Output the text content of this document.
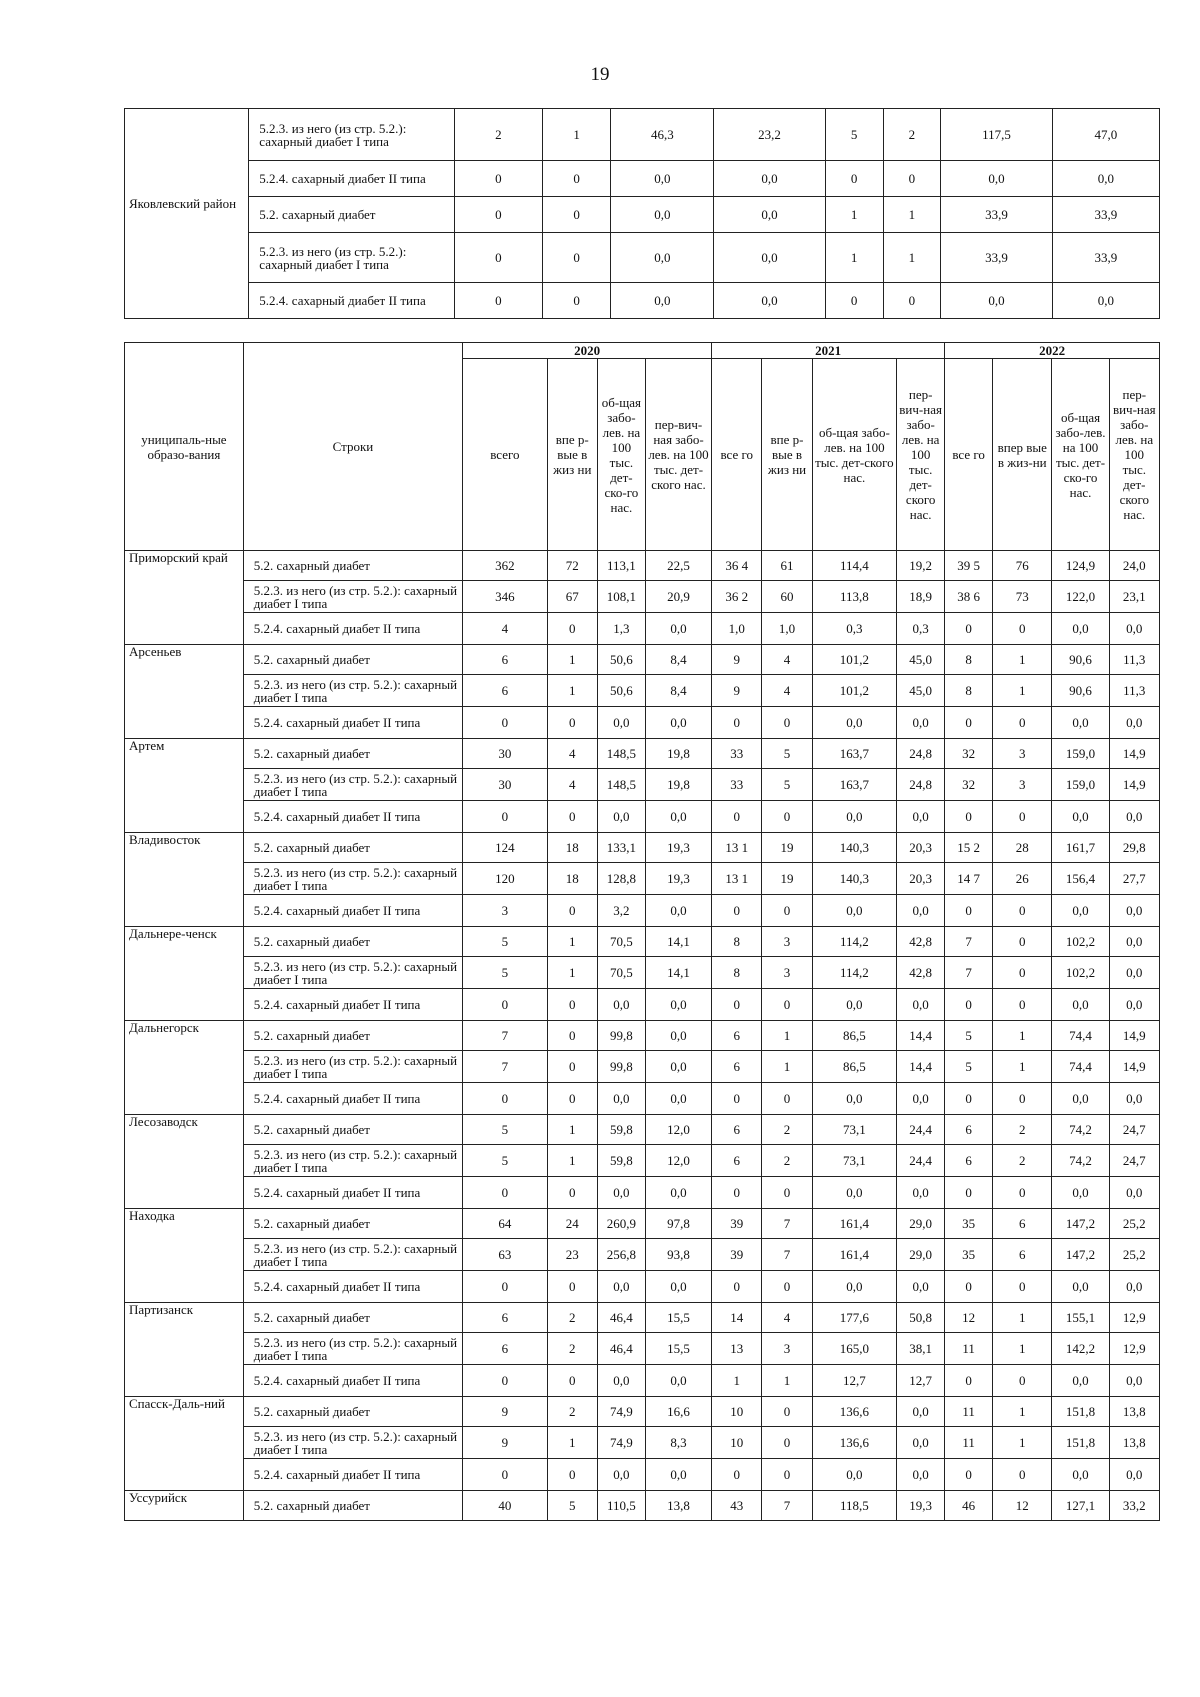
19
	5.2.3. из него (из стр. 5.2.): сахарный диабет I типа	2	1	46,3	23,2	5	2	117,5	47,0
	5.2.4. сахарный диабет II типа	0	0	0,0	0,0	0	0	0,0	0,0
Яковлевский район	5.2. сахарный диабет	0	0	0,0	0,0	1	1	33,9	33,9
	5.2.3. из него (из стр. 5.2.): сахарный диабет I типа	0	0	0,0	0,0	1	1	33,9	33,9
	5.2.4. сахарный диабет II типа	0	0	0,0	0,0	0	0	0,0	0,0
униципаль-ные образо-вания	Строки	2020				2021				2022			
		всего	впе р-вые в жиз ни	об-щая забо-лев. на 100 тыс. дет-ско-го нас.	пер-вич-ная забо-лев. на 100 тыс. дет-ского нас.	все го	впе р-вые в жиз ни	об-щая забо-лев. на 100 тыс. дет-ского нас.	пер-вич-ная забо-лев. на 100 тыс. дет-ского нас.	все го	впер вые в жиз-ни	об-щая забо-лев. на 100 тыс. дет-ско-го нас.	пер-вич-ная забо-лев. на 100 тыс. дет-ского нас.
Приморский край	5.2. сахарный диабет	362	72	113,1	22,5	36 4	61	114,4	19,2	39 5	76	124,9	24,0
	5.2.3. из него (из стр. 5.2.): сахарный диабет I типа	346	67	108,1	20,9	36 2	60	113,8	18,9	38 6	73	122,0	23,1
	5.2.4. сахарный диабет II типа	4	0	1,3	0,0	1,0	1,0	0,3	0,3	0	0	0,0	0,0
Арсеньев	5.2. сахарный диабет	6	1	50,6	8,4	9	4	101,2	45,0	8	1	90,6	11,3
	5.2.3. из него (из стр. 5.2.): сахарный диабет I типа	6	1	50,6	8,4	9	4	101,2	45,0	8	1	90,6	11,3
	5.2.4. сахарный диабет II типа	0	0	0,0	0,0	0	0	0,0	0,0	0	0	0,0	0,0
Артем	5.2. сахарный диабет	30	4	148,5	19,8	33	5	163,7	24,8	32	3	159,0	14,9
	5.2.3. из него (из стр. 5.2.): сахарный диабет I типа	30	4	148,5	19,8	33	5	163,7	24,8	32	3	159,0	14,9
	5.2.4. сахарный диабет II типа	0	0	0,0	0,0	0	0	0,0	0,0	0	0	0,0	0,0
Владивосток	5.2. сахарный диабет	124	18	133,1	19,3	13 1	19	140,3	20,3	15 2	28	161,7	29,8
	5.2.3. из него (из стр. 5.2.): сахарный диабет I типа	120	18	128,8	19,3	13 1	19	140,3	20,3	14 7	26	156,4	27,7
	5.2.4. сахарный диабет II типа	3	0	3,2	0,0	0	0	0,0	0,0	0	0	0,0	0,0
Дальнере-ченск	5.2. сахарный диабет	5	1	70,5	14,1	8	3	114,2	42,8	7	0	102,2	0,0
	5.2.3. из него (из стр. 5.2.): сахарный диабет I типа	5	1	70,5	14,1	8	3	114,2	42,8	7	0	102,2	0,0
	5.2.4. сахарный диабет II типа	0	0	0,0	0,0	0	0	0,0	0,0	0	0	0,0	0,0
Дальнегорск	5.2. сахарный диабет	7	0	99,8	0,0	6	1	86,5	14,4	5	1	74,4	14,9
	5.2.3. из него (из стр. 5.2.): сахарный диабет I типа	7	0	99,8	0,0	6	1	86,5	14,4	5	1	74,4	14,9
	5.2.4. сахарный диабет II типа	0	0	0,0	0,0	0	0	0,0	0,0	0	0	0,0	0,0
Лесозаводск	5.2. сахарный диабет	5	1	59,8	12,0	6	2	73,1	24,4	6	2	74,2	24,7
	5.2.3. из него (из стр. 5.2.): сахарный диабет I типа	5	1	59,8	12,0	6	2	73,1	24,4	6	2	74,2	24,7
	5.2.4. сахарный диабет II типа	0	0	0,0	0,0	0	0	0,0	0,0	0	0	0,0	0,0
Находка	5.2. сахарный диабет	64	24	260,9	97,8	39	7	161,4	29,0	35	6	147,2	25,2
	5.2.3. из него (из стр. 5.2.): сахарный диабет I типа	63	23	256,8	93,8	39	7	161,4	29,0	35	6	147,2	25,2
	5.2.4. сахарный диабет II типа	0	0	0,0	0,0	0	0	0,0	0,0	0	0	0,0	0,0
Партизанск	5.2. сахарный диабет	6	2	46,4	15,5	14	4	177,6	50,8	12	1	155,1	12,9
	5.2.3. из него (из стр. 5.2.): сахарный диабет I типа	6	2	46,4	15,5	13	3	165,0	38,1	11	1	142,2	12,9
	5.2.4. сахарный диабет II типа	0	0	0,0	0,0	1	1	12,7	12,7	0	0	0,0	0,0
Спасск-Даль-ний	5.2. сахарный диабет	9	2	74,9	16,6	10	0	136,6	0,0	11	1	151,8	13,8
	5.2.3. из него (из стр. 5.2.): сахарный диабет I типа	9	1	74,9	8,3	10	0	136,6	0,0	11	1	151,8	13,8
	5.2.4. сахарный диабет II типа	0	0	0,0	0,0	0	0	0,0	0,0	0	0	0,0	0,0
Уссурийск	5.2. сахарный диабет	40	5	110,5	13,8	43	7	118,5	19,3	46	12	127,1	33,2
